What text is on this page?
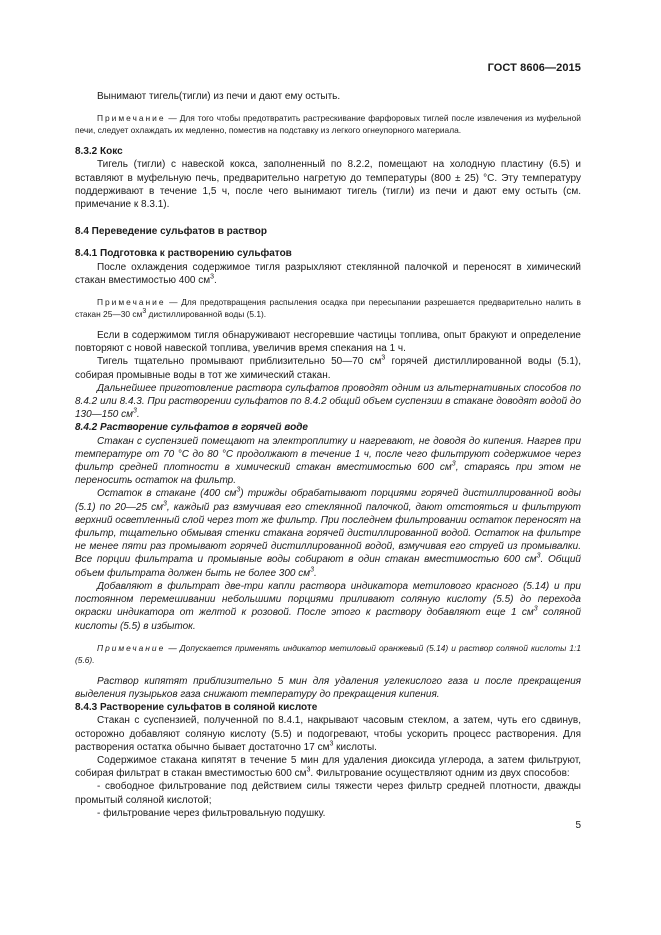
ГОСТ 8606—2015

Вынимают тигель(тигли) из печи и дают ему остыть.

Примечание — Для того чтобы предотвратить растрескивание фарфоровых тиглей после извлечения из муфельной печи, следует охлаждать их медленно, поместив на подставку из легкого огнеупорного материала.

8.3.2 Кокс

Тигель (тигли) с навеской кокса, заполненный по 8.2.2, помещают на холодную пластину (6.5) и вставляют в муфельную печь, предварительно нагретую до температуры (800 ± 25) °С. Эту температуру поддерживают в течение 1,5 ч, после чего вынимают тигель (тигли) из печи и дают ему остыть (см. примечание к 8.3.1).

8.4 Переведение сульфатов в раствор

8.4.1 Подготовка к растворению сульфатов

После охлаждения содержимое тигля разрыхляют стеклянной палочкой и переносят в химический стакан вместимостью 400 $см^3$.

Примечание — Для предотвращения распыления осадка при пересыпании разрешается предварительно налить в стакан 25—30 $см^3$ дистиллированной воды (5.1).

Если в содержимом тигля обнаруживают несгоревшие частицы топлива, опыт бракуют и определение повторяют с новой навеской топлива, увеличив время спекания на 1 ч.

Тигель тщательно промывают приблизительно 50—70 $см^3$ горячей дистиллированной воды (5.1), собирая промывные воды в тот же химический стакан.

Дальнейшее приготовление раствора сульфатов проводят одним из альтернативных способов по 8.4.2 или 8.4.3. При растворении сульфатов по 8.4.2 общий объем суспензии в стакане доводят водой до 130—150 $см^3$.

8.4.2 Растворение сульфатов в горячей воде

Стакан с суспензией помещают на электроплитку и нагревают, не доводя до кипения. Нагрев при температуре от 70 °С до 80 °С продолжают в течение 1 ч, после чего фильтруют содержимое через фильтр средней плотности в химический стакан вместимостью 600 $см^3$, стараясь при этом не переносить остаток на фильтр.

Остаток в стакане (400 $см^3$) трижды обрабатывают порциями горячей дистиллированной воды (5.1) по 20—25 $см^3$, каждый раз взмучивая его стеклянной палочкой, дают отстояться и фильтруют верхний осветленный слой через тот же фильтр. При последнем фильтровании остаток переносят на фильтр, тщательно обмывая стенки стакана горячей дистиллированной водой. Остаток на фильтре не менее пяти раз промывают горячей дистиллированной водой, взмучивая его струей из промывалки. Все порции фильтрата и промывные воды собирают в один стакан вместимостью 600 $см^3$. Общий объем фильтрата должен быть не более 300 $см^3$.

Добавляют в фильтрат две-три капли раствора индикатора метилового красного (5.14) и при постоянном перемешивании небольшими порциями приливают соляную кислоту (5.5) до перехода окраски индикатора от желтой к розовой. После этого к раствору добавляют еще 1 $см^3$ соляной кислоты (5.5) в избыток.

Примечание — Допускается применять индикатор метиловый оранжевый (5.14) и раствор соляной кислоты 1:1 (5.6).

Раствор кипятят приблизительно 5 мин для удаления углекислого газа и после прекращения выделения пузырьков газа снижают температуру до прекращения кипения.

8.4.3 Растворение сульфатов в соляной кислоте

Стакан с суспензией, полученной по 8.4.1, накрывают часовым стеклом, а затем, чуть его сдвинув, осторожно добавляют соляную кислоту (5.5) и подогревают, чтобы ускорить процесс растворения. Для растворения остатка обычно бывает достаточно 17 $см^3$ кислоты.

Содержимое стакана кипятят в течение 5 мин для удаления диоксида углерода, а затем фильтруют, собирая фильтрат в стакан вместимостью 600 $см^3$. Фильтрование осуществляют одним из двух способов:

- свободное фильтрование под действием силы тяжести через фильтр средней плотности, дважды промытый соляной кислотой;

- фильтрование через фильтровальную подушку.

5
